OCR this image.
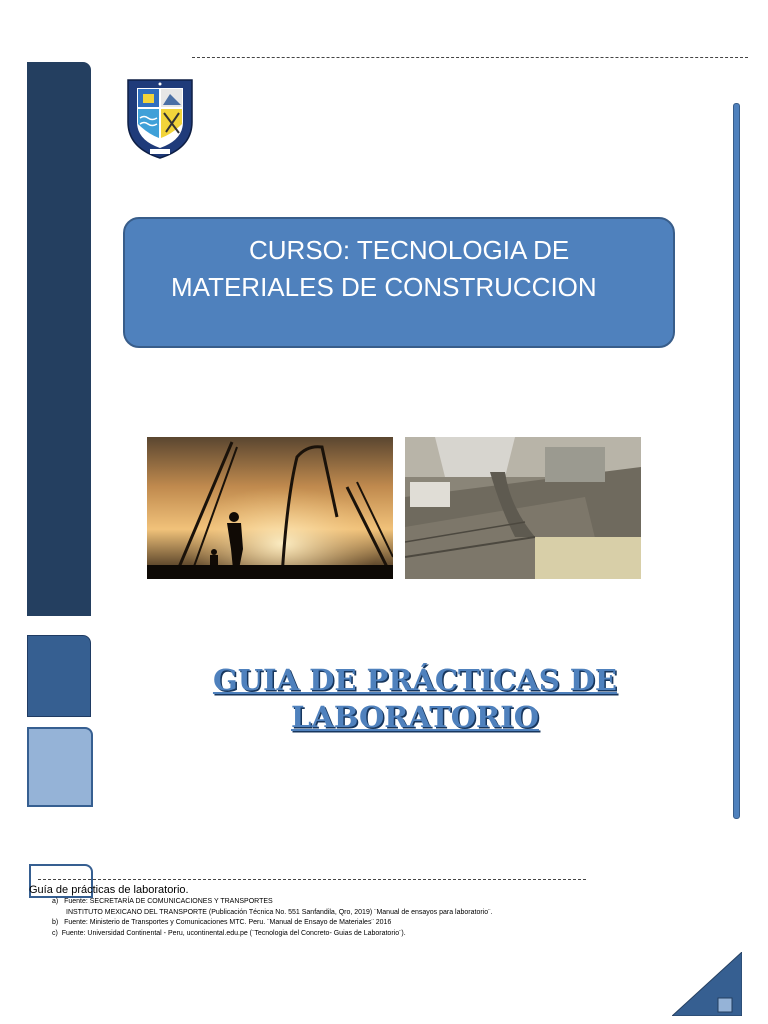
CURSO: TECNOLOGIA DE
MATERIALES DE CONSTRUCCION
GUIA DE PRÁCTICAS DE
LABORATORIO
Guía de prácticas de laboratorio.
a) Fuente: SECRETARÍA DE COMUNICACIONES Y TRANSPORTES
INSTITUTO MEXICANO DEL TRANSPORTE (Publicación Técnica No. 551 Sanfandila, Qro, 2019) ¨Manual de ensayos para laboratorio¨.
b) Fuente: Ministerio de Transportes y Comunicaciones MTC. Peru. ¨Manual de Ensayo de Materiales¨ 2016
c) Fuente: Universidad Continental - Peru, ucontinental.edu.pe (¨Tecnologia del Concreto- Guias de Laboratorio¨).
